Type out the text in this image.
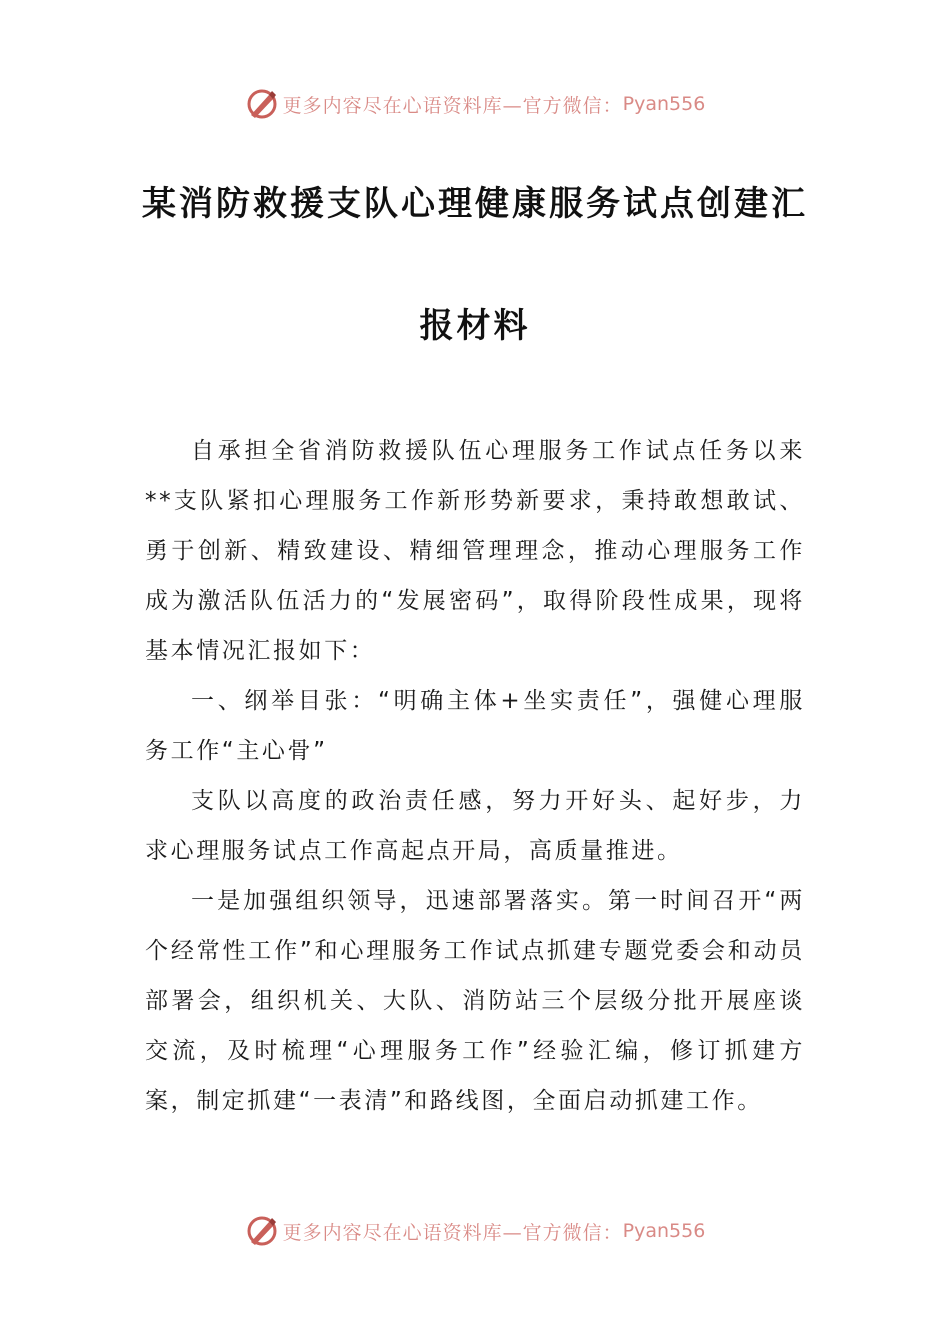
更多内容尽在心语资料库—官方微信： Pyan556
某消防救援支队心理健康服务试点创建汇
报材料

自承担全省消防救援队伍心理服务工作试点任务以来**支队紧扣心理服务工作新形势新要求，秉持敢想敢试、勇于创新、精致建设、精细管理理念，推动心理服务工作成为激活队伍活力的“发展密码”，取得阶段性成果，现将基本情况汇报如下：

一、纲举目张：“明确主体+坐实责任”，强健心理服务工作“主心骨”

支队以高度的政治责任感，努力开好头、起好步，力求心理服务试点工作高起点开局，高质量推进。

一是加强组织领导，迅速部署落实。第一时间召开“两个经常性工作”和心理服务工作试点抓建专题党委会和动员部署会，组织机关、大队、消防站三个层级分批开展座谈交流，及时梳理“心理服务工作”经验汇编，修订抓建方案，制定抓建“一表清”和路线图，全面启动抓建工作。

更多内容尽在心语资料库—官方微信： Pyan556
